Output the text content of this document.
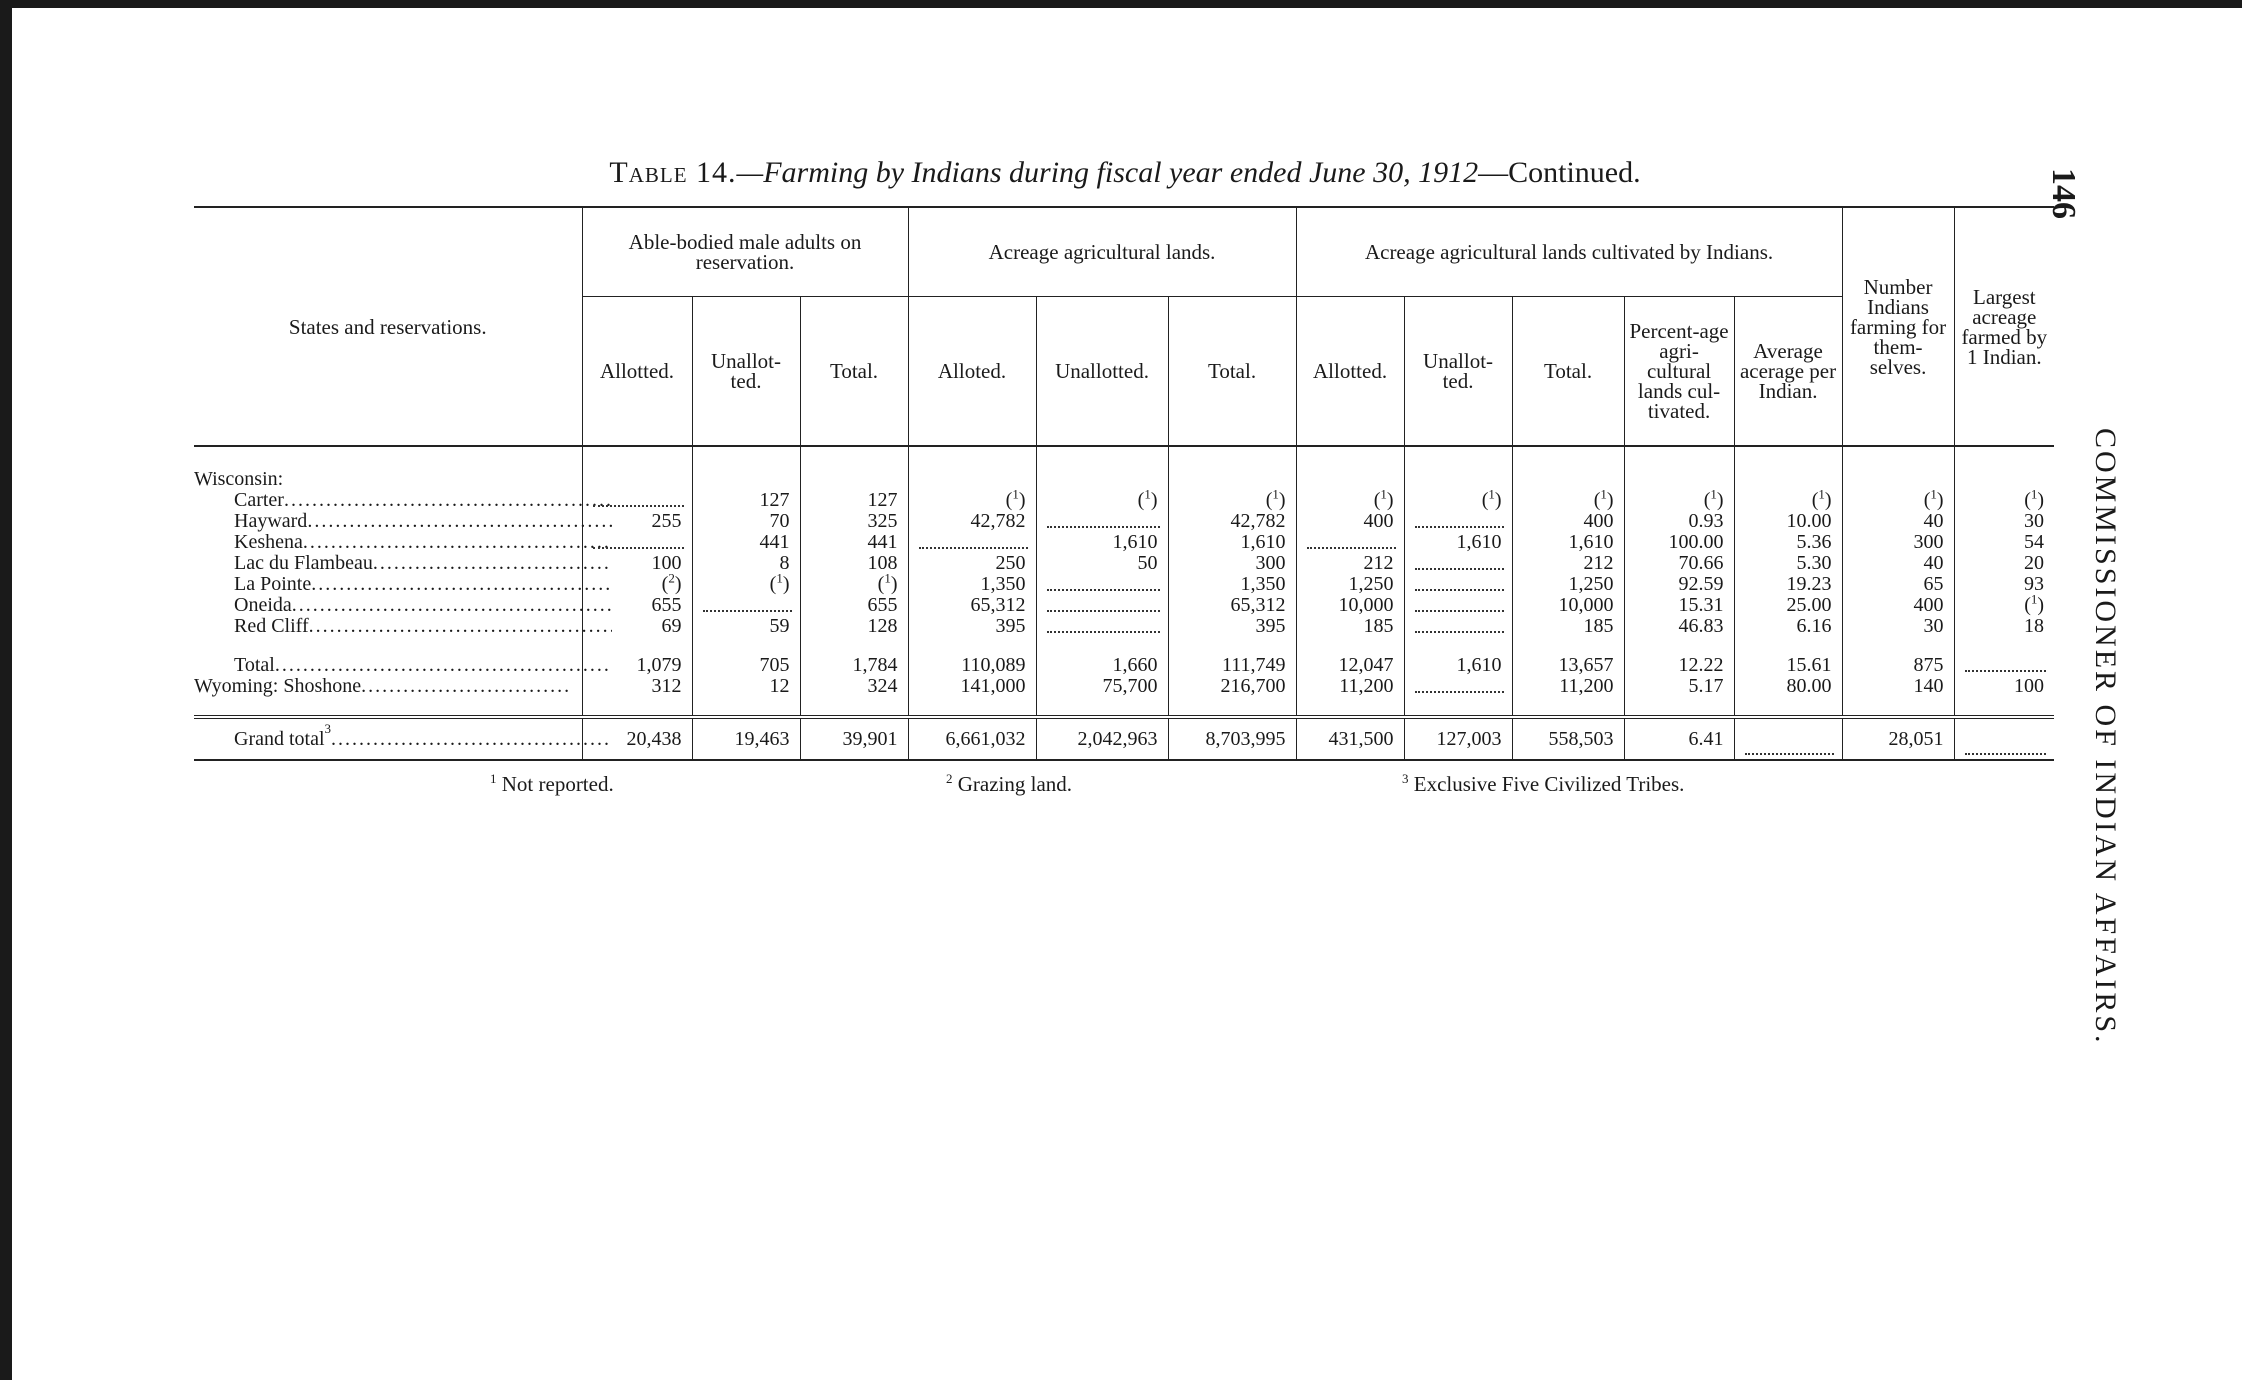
Table 14.—Farming by Indians during fiscal year ended June 30, 1912—Continued.	146
COMMISSIONER OF INDIAN AFFAIRS.
States and reservations.	Able-bodied male adults on reservation.			Acreage agricultural lands.			Acreage agricultural lands cultivated by Indians.					Number Indians farming for them-selves.	Largest acreage farmed by 1 Indian.
	Allotted.	Unallot-ted.	Total.	Alloted.	Unallotted.	Total.	Allotted.	Unallot-ted.	Total.	Percent-age agri-cultural lands cul-tivated.	Average acerage per Indian.		

Wisconsin:													

Carter
.....		127	127	($^1$)	($^1$)	($^1$)	($^1$)	($^1$)	($^1$)	($^1$)	($^1$)	($^1$)	($^1$)

Hayward
.....	255	70	325	42,782		42,782	400		400	0.93	10.00	40	30

Keshena
.....		441	441		1,610	1,610		1,610	1,610	100.00	5.36	300	54

Lac du Flambeau
.....	100	8	108	250	50	300	212		212	70.66	5.30	40	20

La Pointe
.....	($^2$)	($^1$)	($^1$)	1,350		1,350	1,250		1,250	92.59	19.23	65	93

Oneida
.....	655		655	65,312		65,312	10,000		10,000	15.31	25.00	400	($^1$)

Red Cliff
.....	69	59	128	395		395	185		185	46.83	6.16	30	18

Total
.....	1,079	705	1,784	110,089	1,660	111,749	12,047	1,610	13,657	12.22	15.61	875	

Wyoming: Shoshone
.....	312	12	324	141,000	75,700	216,700	11,200		11,200	5.17	80.00	140	100

Grand total 3
.....	20,438	19,463	39,901	6,661,032	2,042,963	8,703,995	431,500	127,003	558,503	6.41		28,051	
$^1$ Not reported.	$^2$ Grazing land.	$^3$ Exclusive Five Civilized Tribes.
